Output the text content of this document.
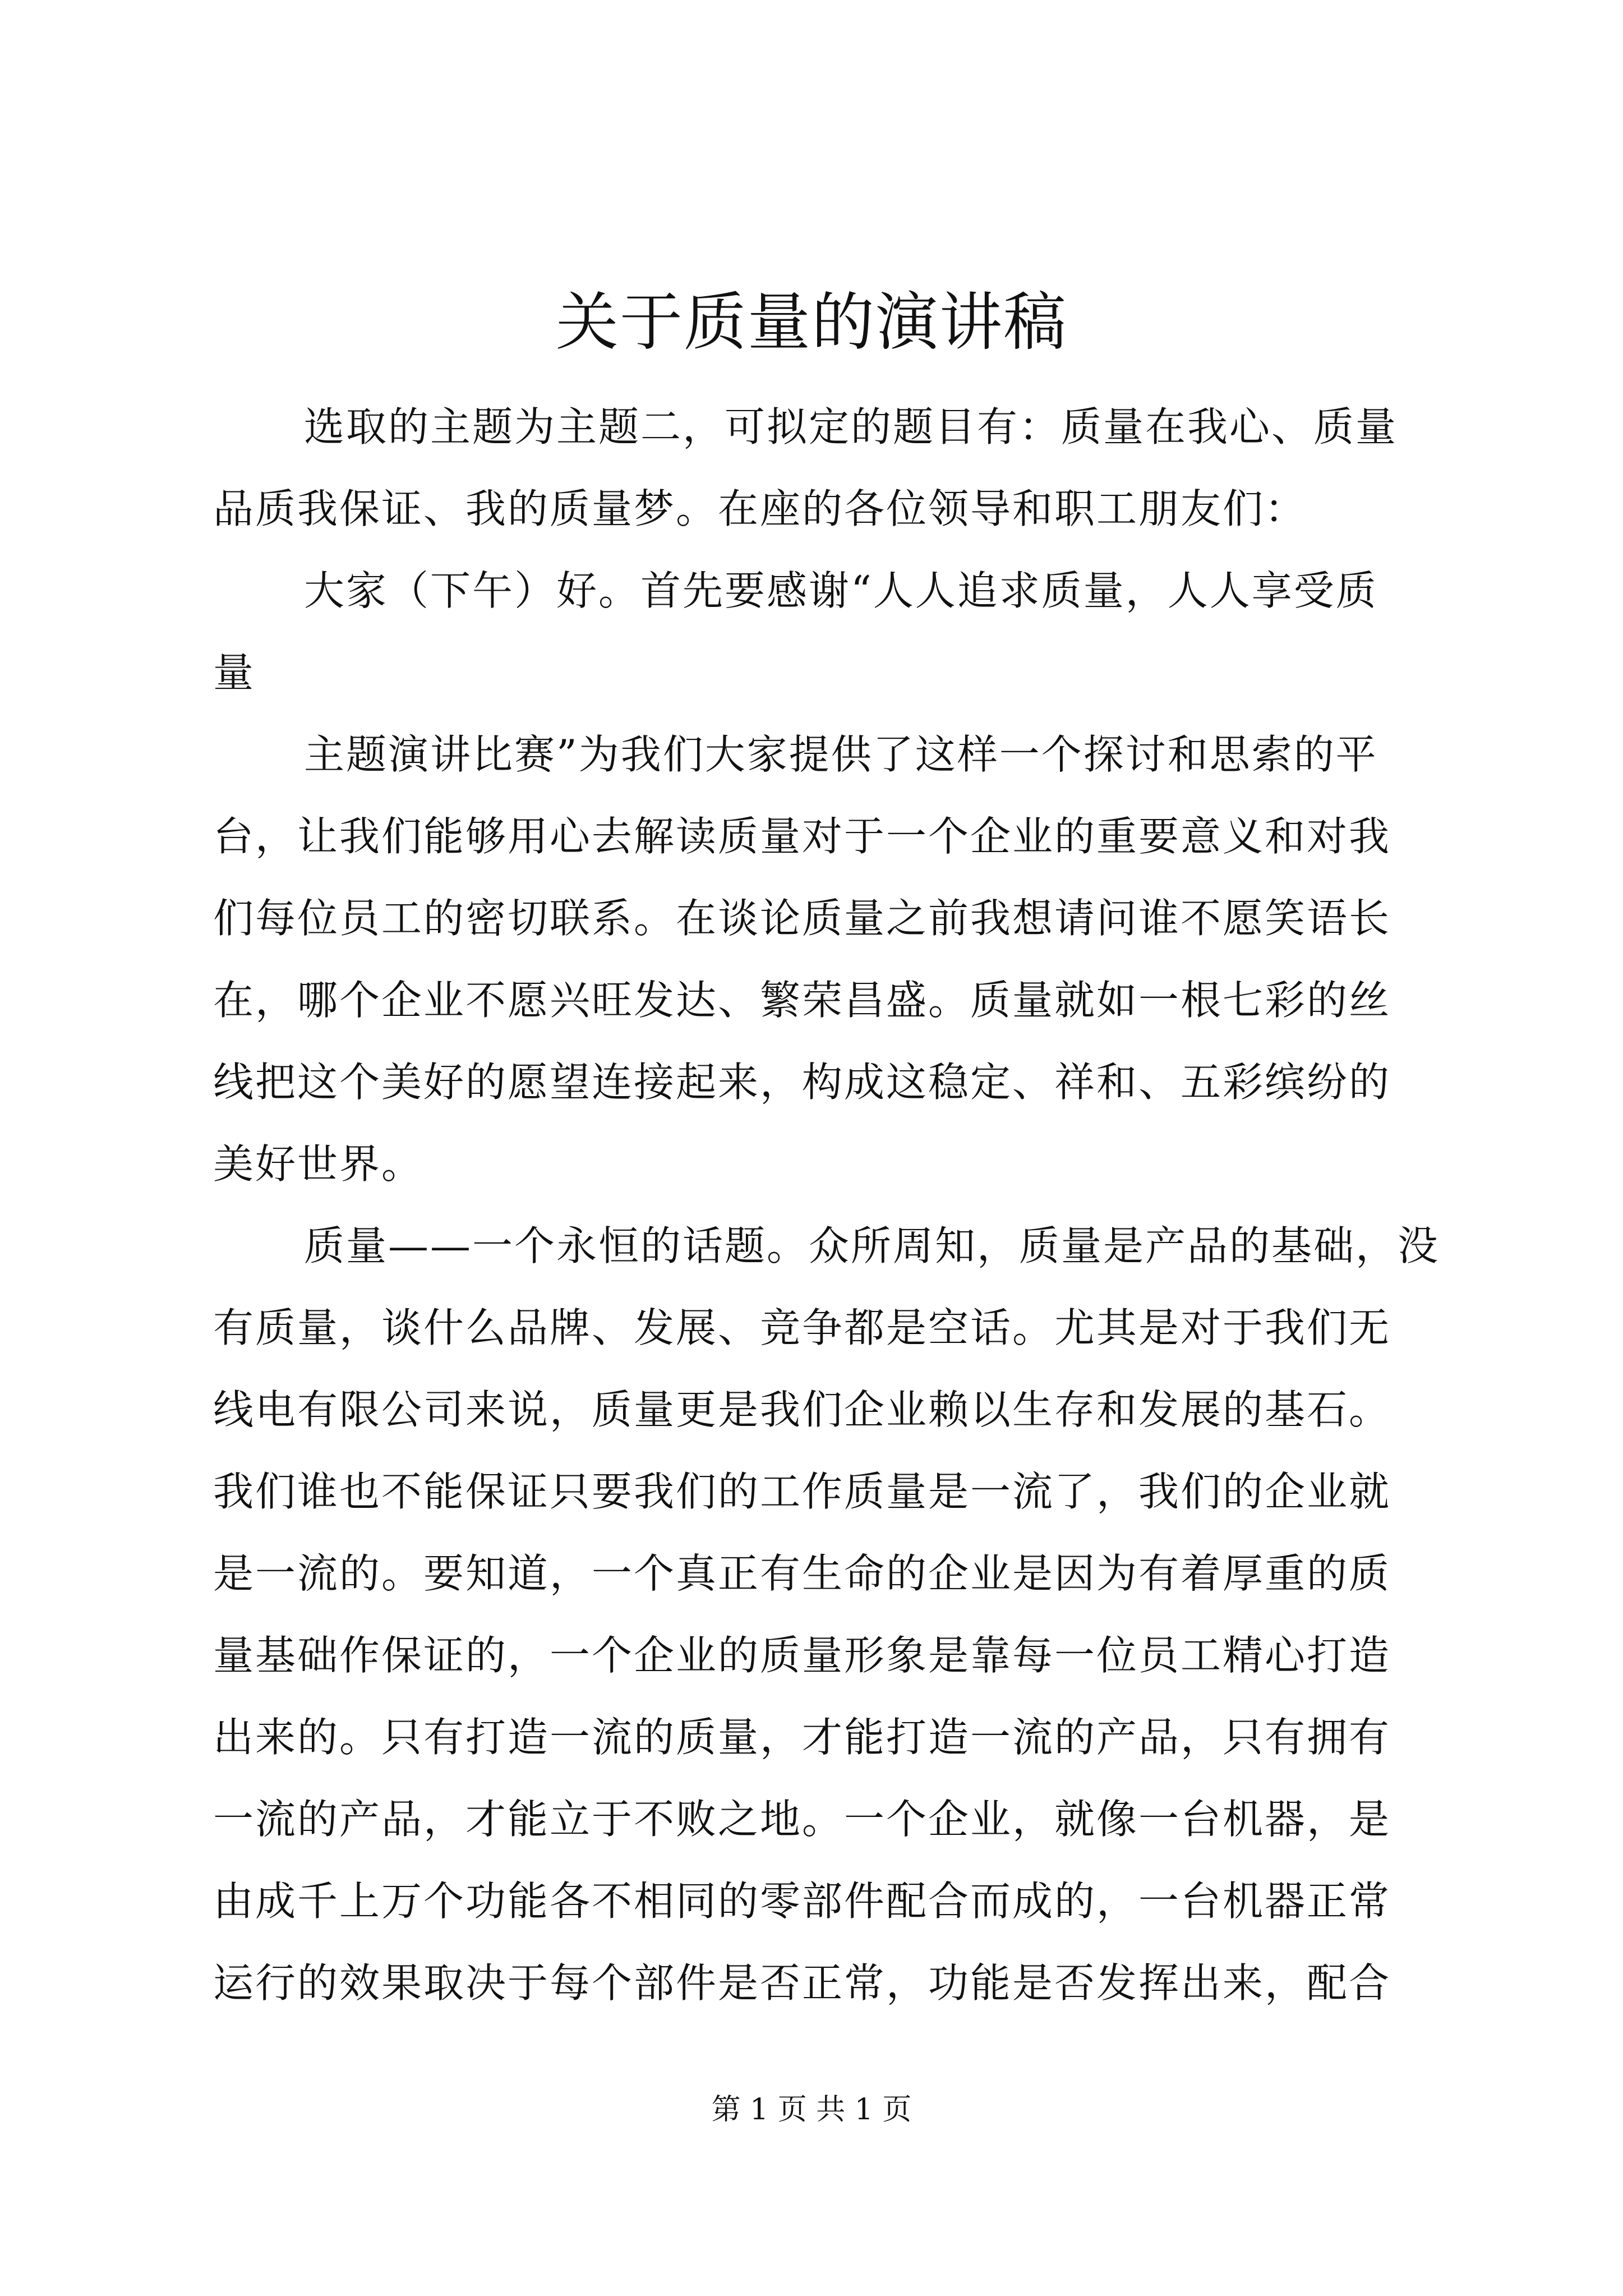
关于质量的演讲稿
选取的主题为主题二，可拟定的题目有：质量在我心、质量
品质我保证、我的质量梦。在座的各位领导和职工朋友们：
大家（下午）好。首先要感谢“人人追求质量，人人享受质
量
主题演讲比赛”为我们大家提供了这样一个探讨和思索的平
台，让我们能够用心去解读质量对于一个企业的重要意义和对我
们每位员工的密切联系。在谈论质量之前我想请问谁不愿笑语长
在，哪个企业不愿兴旺发达、繁荣昌盛。质量就如一根七彩的丝
线把这个美好的愿望连接起来，构成这稳定、祥和、五彩缤纷的
美好世界。
质量——一个永恒的话题。众所周知，质量是产品的基础，没
有质量，谈什么品牌、发展、竞争都是空话。尤其是对于我们无
线电有限公司来说，质量更是我们企业赖以生存和发展的基石。
我们谁也不能保证只要我们的工作质量是一流了，我们的企业就
是一流的。要知道，一个真正有生命的企业是因为有着厚重的质
量基础作保证的，一个企业的质量形象是靠每一位员工精心打造
出来的。只有打造一流的质量，才能打造一流的产品，只有拥有
一流的产品，才能立于不败之地。一个企业，就像一台机器，是
由成千上万个功能各不相同的零部件配合而成的，一台机器正常
运行的效果取决于每个部件是否正常，功能是否发挥出来，配合
第 1 页 共 1 页
